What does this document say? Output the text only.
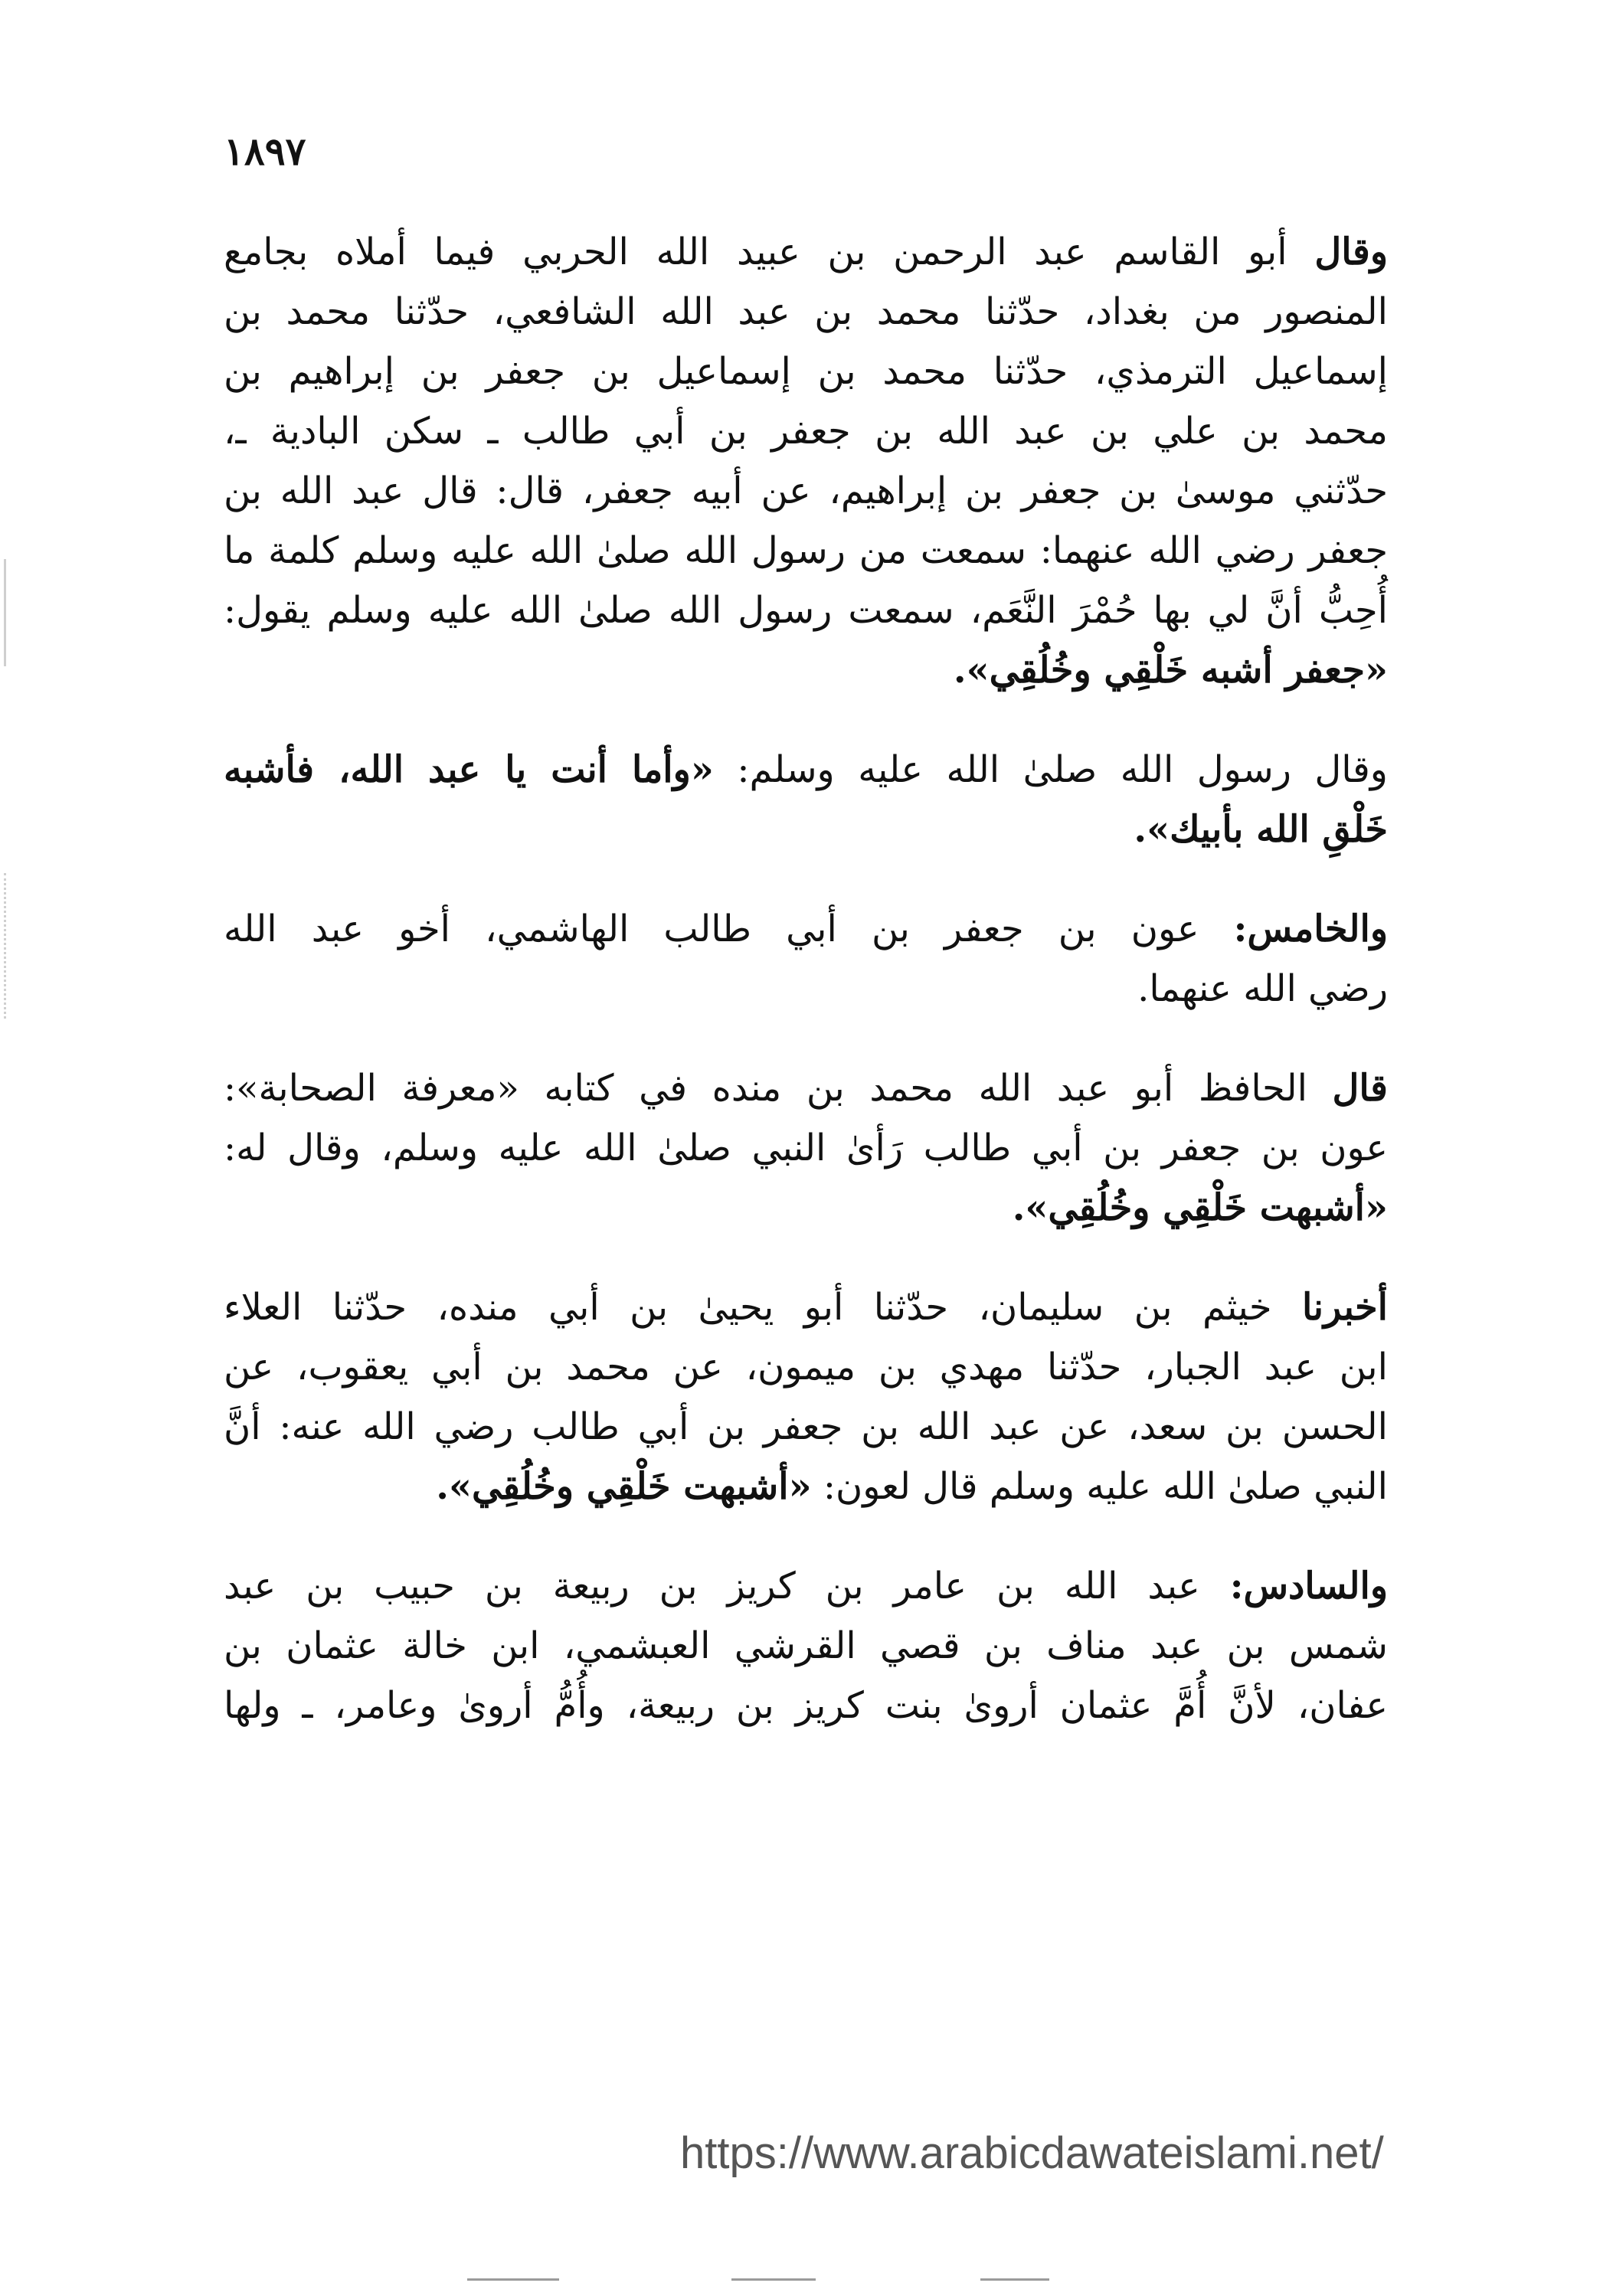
١٨٩٧
وقال أبو القاسم عبد الرحمن بن عبيد الله الحربي فيما أملاه بجامع
المنصور من بغداد، حدّثنا محمد بن عبد الله الشافعي، حدّثنا محمد بن
إسماعيل الترمذي، حدّثنا محمد بن إسماعيل بن جعفر بن إبراهيم بن
محمد بن علي بن عبد الله بن جعفر بن أبي طالب ـ سكن البادية ـ،
حدّثني موسىٰ بن جعفر بن إبراهيم، عن أبيه جعفر، قال: قال عبد الله بن
جعفر رضي الله عنهما: سمعت من رسول الله صلىٰ الله عليه وسلم كلمة ما
أُحِبُّ أنَّ لي بها حُمْرَ النَّعَم، سمعت رسول الله صلىٰ الله عليه وسلم يقول:
«جعفر أشبه خَلْقِي وخُلُقِي».
وقال رسول الله صلىٰ الله عليه وسلم: «وأما أنت يا عبد الله، فأشبه
خَلْقِ الله بأبيك».
والخامس: عون بن جعفر بن أبي طالب الهاشمي، أخو عبد الله
رضي الله عنهما.
قال الحافظ أبو عبد الله محمد بن منده في كتابه «معرفة الصحابة»:
عون بن جعفر بن أبي طالب رَأىٰ النبي صلىٰ الله عليه وسلم، وقال له:
«أشبهت خَلْقِي وخُلُقِي».
أخبرنا خيثم بن سليمان، حدّثنا أبو يحيىٰ بن أبي منده، حدّثنا العلاء
ابن عبد الجبار، حدّثنا مهدي بن ميمون، عن محمد بن أبي يعقوب، عن
الحسن بن سعد، عن عبد الله بن جعفر بن أبي طالب رضي الله عنه: أنَّ
النبي صلىٰ الله عليه وسلم قال لعون: «أشبهت خَلْقِي وخُلُقِي».
والسادس: عبد الله بن عامر بن كريز بن ربيعة بن حبيب بن عبد
شمس بن عبد مناف بن قصي القرشي العبشمي، ابن خالة عثمان بن
عفان، لأنَّ أُمَّ عثمان أروىٰ بنت كريز بن ربيعة، وأُمُّ أروىٰ وعامر، ـ ولها
https://www.arabicdawateislami.net/
